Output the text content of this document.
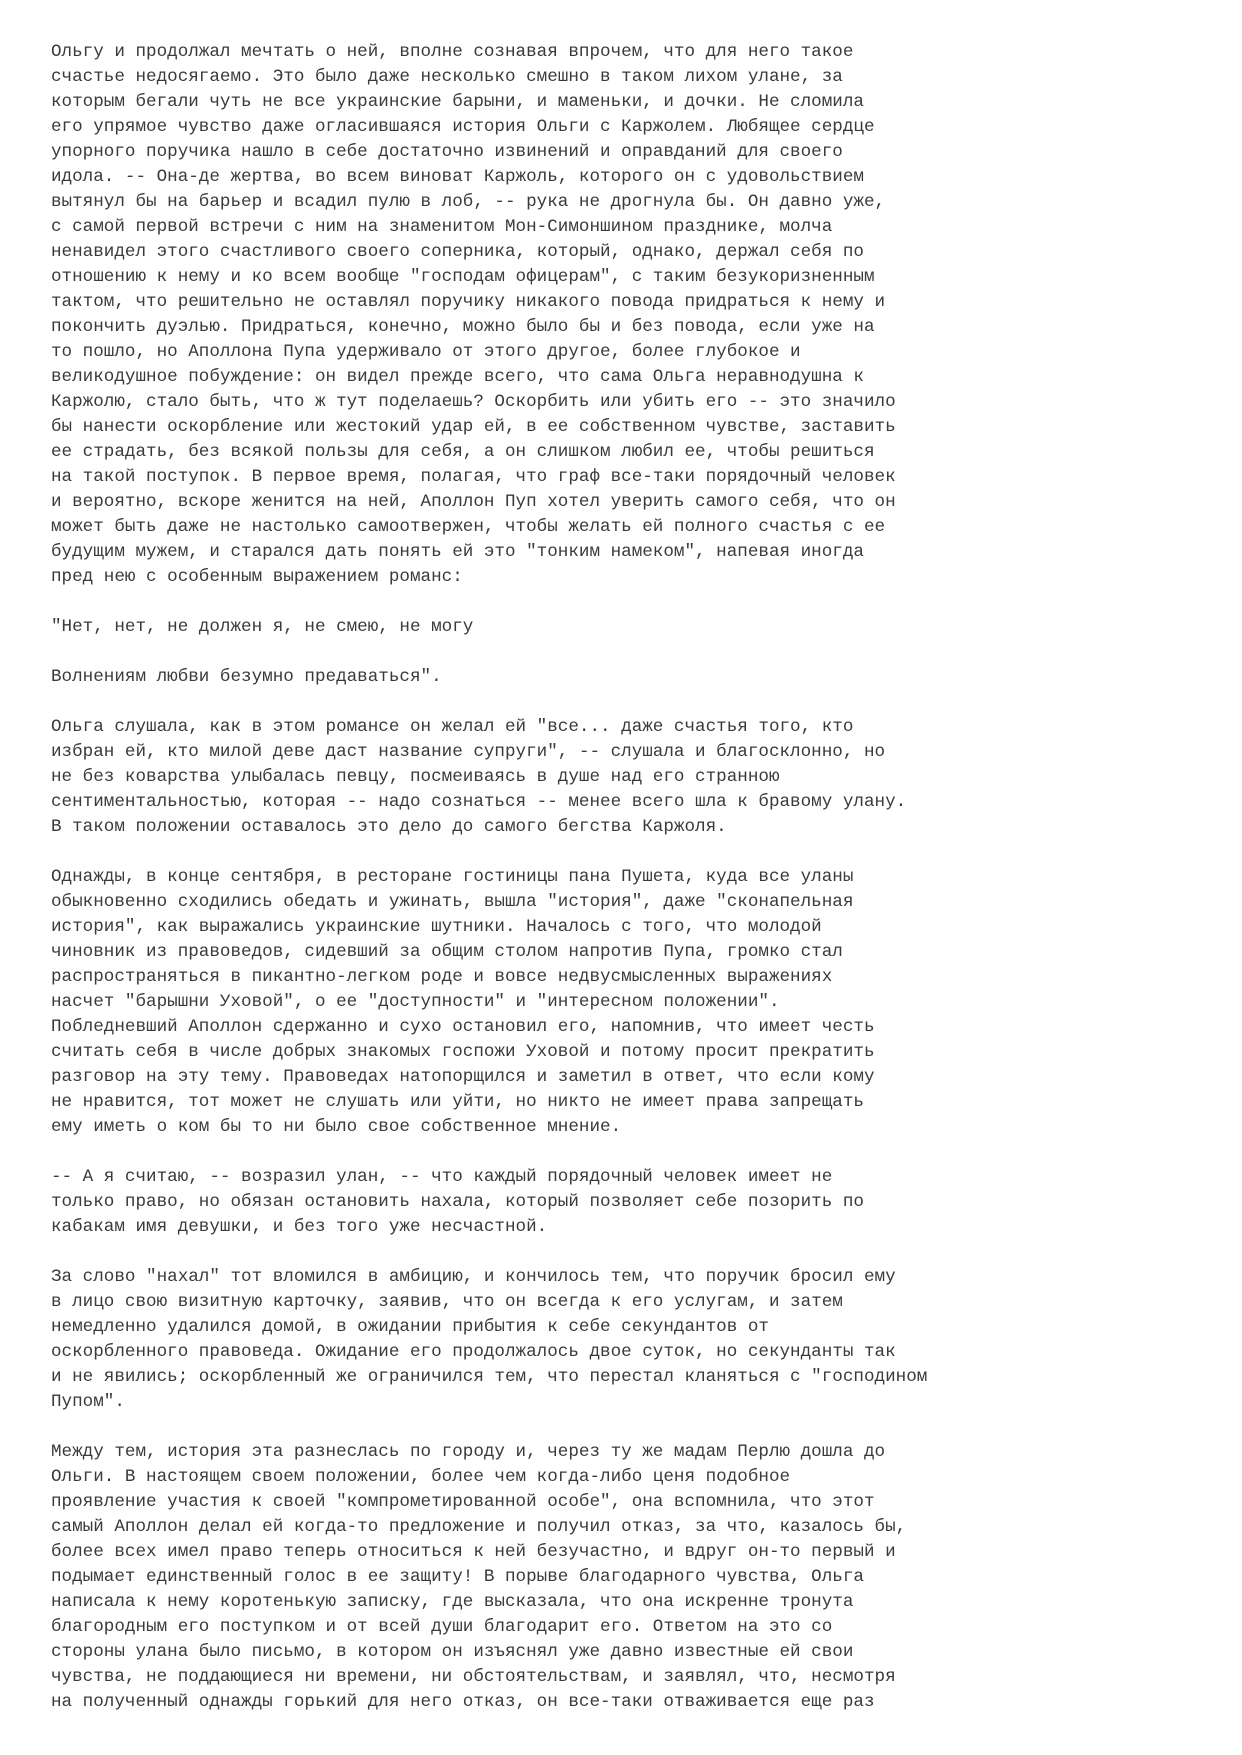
Ольгу и продолжал мечтать о ней, вполне сознавая впрочем, что для него такое
счастье недосягаемо. Это было даже несколько смешно в таком лихом улане, за
которым бегали чуть не все украинские барыни, и маменьки, и дочки. Не сломила
его упрямое чувство даже огласившаяся история Ольги с Каржолем. Любящее сердце
упорного поручика нашло в себе достаточно извинений и оправданий для своего
идола. -- Она-де жертва, во всем виноват Каржоль, которого он с удовольствием
вытянул бы на барьер и всадил пулю в лоб, -- рука не дрогнула бы. Он давно уже,
с самой первой встречи с ним на знаменитом Мон-Симоншином празднике, молча
ненавидел этого счастливого своего соперника, который, однако, держал себя по
отношению к нему и ко всем вообще "господам офицерам", с таким безукоризненным
тактом, что решительно не оставлял поручику никакого повода придраться к нему и
покончить дуэлью. Придраться, конечно, можно было бы и без повода, если уже на
то пошло, но Аполлона Пупа удерживало от этого другое, более глубокое и
великодушное побуждение: он видел прежде всего, что сама Ольга неравнодушна к
Каржолю, стало быть, что ж тут поделаешь? Оскорбить или убить его -- это значило
бы нанести оскорбление или жестокий удар ей, в ее собственном чувстве, заставить
ее страдать, без всякой пользы для себя, а он слишком любил ее, чтобы решиться
на такой поступок. В первое время, полагая, что граф все-таки порядочный человек
и вероятно, вскоре женится на ней, Аполлон Пуп хотел уверить самого себя, что он
может быть даже не настолько самоотвержен, чтобы желать ей полного счастья с ее
будущим мужем, и старался дать понять ей это "тонким намеком", напевая иногда
пред нею с особенным выражением романс:
"Нет, нет, не должен я, не смею, не могу
Волнениям любви безумно предаваться".
Ольга слушала, как в этом романсе он желал ей "все... даже счастья того, кто
избран ей, кто милой деве даст название супруги", -- слушала и благосклонно, но
не без коварства улыбалась певцу, посмеиваясь в душе над его странною
сентиментальностью, которая -- надо сознаться -- менее всего шла к бравому улану.
В таком положении оставалось это дело до самого бегства Каржоля.
Однажды, в конце сентября, в ресторане гостиницы пана Пушета, куда все уланы
обыкновенно сходились обедать и ужинать, вышла "история", даже "сконапельная
история", как выражались украинские шутники. Началось с того, что молодой
чиновник из правоведов, сидевший за общим столом напротив Пупа, громко стал
распространяться в пикантно-легком роде и вовсе недвусмысленных выражениях
насчет "барышни Уховой", о ее "доступности" и "интересном положении".
Побледневший Аполлон сдержанно и сухо остановил его, напомнив, что имеет честь
считать себя в числе добрых знакомых госпожи Уховой и потому просит прекратить
разговор на эту тему. Правоведах натопорщился и заметил в ответ, что если кому
не нравится, тот может не слушать или уйти, но никто не имеет права запрещать
ему иметь о ком бы то ни было свое собственное мнение.
-- А я считаю, -- возразил улан, -- что каждый порядочный человек имеет не
только право, но обязан остановить нахала, который позволяет себе позорить по
кабакам имя девушки, и без того уже несчастной.
За слово "нахал" тот вломился в амбицию, и кончилось тем, что поручик бросил ему
в лицо свою визитную карточку, заявив, что он всегда к его услугам, и затем
немедленно удалился домой, в ожидании прибытия к себе секундантов от
оскорбленного правоведа. Ожидание его продолжалось двое суток, но секунданты так
и не явились; оскорбленный же ограничился тем, что перестал кланяться с "господином
Пупом".
Между тем, история эта разнеслась по городу и, через ту же мадам Перлю дошла до
Ольги. В настоящем своем положении, более чем когда-либо ценя подобное
проявление участия к своей "компрометированной особе", она вспомнила, что этот
самый Аполлон делал ей когда-то предложение и получил отказ, за что, казалось бы,
более всех имел право теперь относиться к ней безучастно, и вдруг он-то первый и
подымает единственный голос в ее защиту! В порыве благодарного чувства, Ольга
написала к нему коротенькую записку, где высказала, что она искренне тронута
благородным его поступком и от всей души благодарит его. Ответом на это со
стороны улана было письмо, в котором он изъяснял уже давно известные ей свои
чувства, не поддающиеся ни времени, ни обстоятельствам, и заявлял, что, несмотря
на полученный однажды горький для него отказ, он все-таки отваживается еще раз
